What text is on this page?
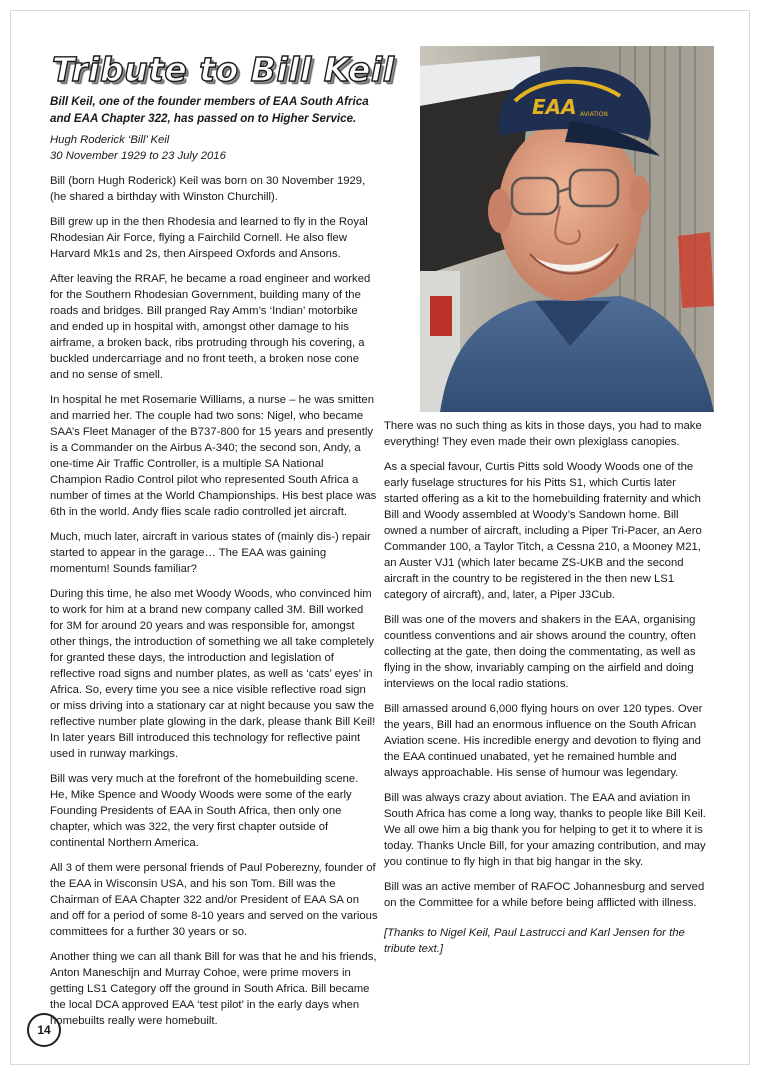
Tribute to Bill Keil

Bill Keil, one of the founder members of EAA South Africa and EAA Chapter 322, has passed on to Higher Service.

Hugh Roderick ‘Bill’ Keil
30 November 1929 to 23 July 2016

Bill (born Hugh Roderick) Keil was born on 30 November 1929, (he shared a birthday with Winston Churchill).

Bill grew up in the then Rhodesia and learned to fly in the Royal Rhodesian Air Force, flying a Fairchild Cornell. He also flew Harvard Mk1s and 2s, then Airspeed Oxfords and Ansons.

After leaving the RRAF, he became a road engineer and worked for the Southern Rhodesian Government, building many of the roads and bridges. Bill pranged Ray Amm’s ‘Indian’ motorbike and ended up in hospital with, amongst other damage to his airframe, a broken back, ribs protruding through his covering, a buckled undercarriage and no front teeth, a broken nose cone and no sense of smell.

In hospital he met Rosemarie Williams, a nurse – he was smitten and married her. The couple had two sons: Nigel, who became SAA’s Fleet Manager of the B737-800 for 15 years and presently is a Commander on the Airbus A-340; the second son, Andy, a one-time Air Traffic Controller, is a multiple SA National Champion Radio Control pilot who represented South Africa a number of times at the World Championships. His best place was 6th in the world. Andy flies scale radio controlled jet aircraft.

Much, much later, aircraft in various states of (mainly dis-) repair started to appear in the garage… The EAA was gaining momentum! Sounds familiar?

During this time, he also met Woody Woods, who convinced him to work for him at a brand new company called 3M. Bill worked for 3M for around 20 years and was responsible for, amongst other things, the introduction of something we all take completely for granted these days, the introduction and legislation of reflective road signs and number plates, as well as ‘cats’ eyes’ in Africa. So, every time you see a nice visible reflective road sign or miss driving into a stationary car at night because you saw the reflective number plate glowing in the dark, please thank Bill Keil! In later years Bill introduced this technology for reflective paint used in runway markings.

Bill was very much at the forefront of the homebuilding scene. He, Mike Spence and Woody Woods were some of the early Founding Presidents of EAA in South Africa, then only one chapter, which was 322, the very first chapter outside of continental Northern America.

All 3 of them were personal friends of Paul Poberezny, founder of the EAA in Wisconsin USA, and his son Tom. Bill was the Chairman of EAA Chapter 322 and/or President of EAA SA on and off for a period of some 8-10 years and served on the various committees for a further 30 years or so.

Another thing we can all thank Bill for was that he and his friends, Anton Maneschijn and Murray Cohoe, were prime movers in getting LS1 Category off the ground in South Africa. Bill became the local DCA approved EAA ‘test pilot’ in the early days when homebuilts really were homebuilt.

EAA AVIATION

There was no such thing as kits in those days, you had to make everything! They even made their own plexiglass canopies.

As a special favour, Curtis Pitts sold Woody Woods one of the early fuselage structures for his Pitts S1, which Curtis later started offering as a kit to the homebuilding fraternity and which Bill and Woody assembled at Woody’s Sandown home. Bill owned a number of aircraft, including a Piper Tri-Pacer, an Aero Commander 100, a Taylor Titch, a Cessna 210, a Mooney M21, an Auster VJ1 (which later became ZS-UKB and the second aircraft in the country to be registered in the then new LS1 category of aircraft), and, later, a Piper J3Cub.

Bill was one of the movers and shakers in the EAA, organising countless conventions and air shows around the country, often collecting at the gate, then doing the commentating, as well as flying in the show, invariably camping on the airfield and doing interviews on the local radio stations.

Bill amassed around 6,000 flying hours on over 120 types. Over the years, Bill had an enormous influence on the South African Aviation scene. His incredible energy and devotion to flying and the EAA continued unabated, yet he remained humble and always approachable. His sense of humour was legendary.

Bill was always crazy about aviation. The EAA and aviation in South Africa has come a long way, thanks to people like Bill Keil. We all owe him a big thank you for helping to get it to where it is today. Thanks Uncle Bill, for your amazing contribution, and may you continue to fly high in that big hangar in the sky.

Bill was an active member of RAFOC Johannesburg and served on the Committee for a while before being afflicted with illness.

[Thanks to Nigel Keil, Paul Lastrucci and Karl Jensen for the tribute text.]

14
